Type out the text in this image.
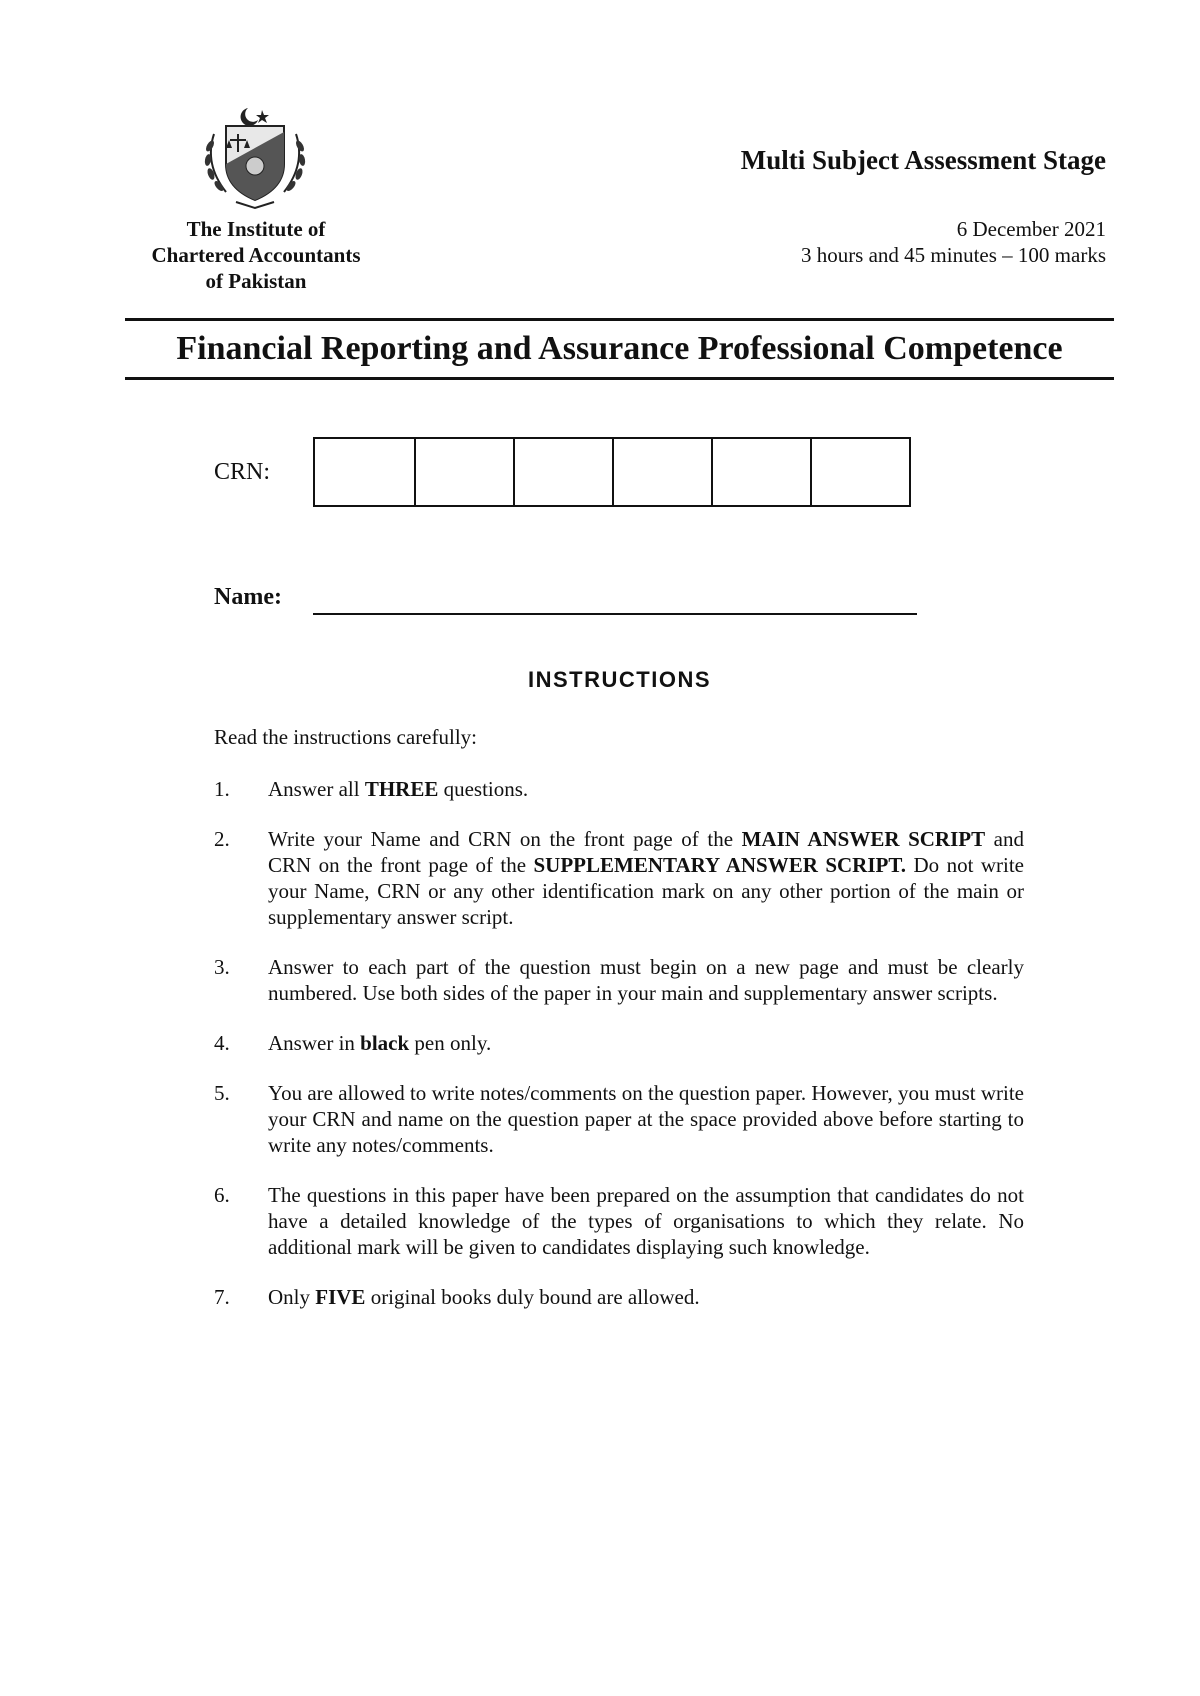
The Institute of
Chartered Accountants
of Pakistan
Multi Subject Assessment Stage
6 December 2021
3 hours and 45 minutes – 100 marks
Financial Reporting and Assurance Professional Competence
CRN:
Name:
INSTRUCTIONS
Read the instructions carefully:
1.	Answer all THREE questions.
2.	Write your Name and CRN on the front page of the MAIN ANSWER SCRIPT and CRN on the front page of the SUPPLEMENTARY ANSWER SCRIPT. Do not write your Name, CRN or any other identification mark on any other portion of the main or supplementary answer script.
3.	Answer to each part of the question must begin on a new page and must be clearly numbered. Use both sides of the paper in your main and supplementary answer scripts.
4.	Answer in black pen only.
5.	You are allowed to write notes/comments on the question paper. However, you must write your CRN and name on the question paper at the space provided above before starting to write any notes/comments.
6.	The questions in this paper have been prepared on the assumption that candidates do not have a detailed knowledge of the types of organisations to which they relate. No additional mark will be given to candidates displaying such knowledge.
7.	Only FIVE original books duly bound are allowed.
